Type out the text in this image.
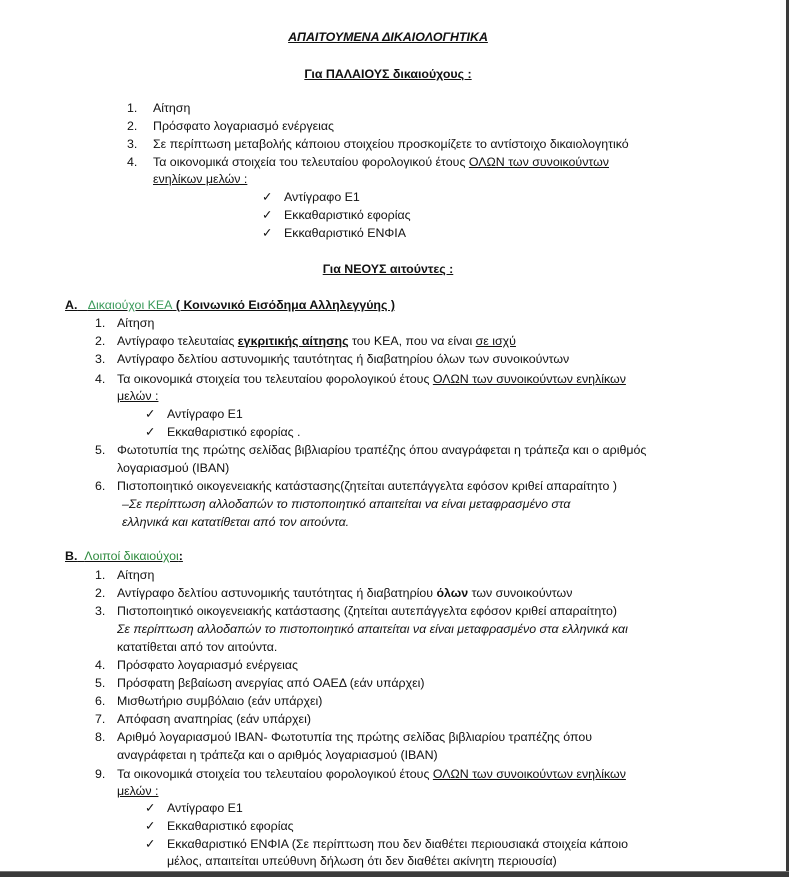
ΑΠΑΙΤΟΥΜΕΝΑ ΔΙΚΑΙΟΛΟΓΗΤΙΚΑ
Για ΠΑΛΑΙΟΥΣ δικαιούχους :
1.	Αίτηση
2.	Πρόσφατο λογαριασμό ενέργειας
3.	Σε περίπτωση μεταβολής κάποιου στοιχείου προσκομίζετε το αντίστοιχο δικαιολογητικό
4.	Τα οικονομικά στοιχεία του τελευταίου φορολογικού έτους ΟΛΩΝ των συνοικούντων
ενηλίκων μελών :
✓ Αντίγραφο Ε1
✓ Εκκαθαριστικό εφορίας
✓ Εκκαθαριστικό ΕΝΦΙΑ
Για ΝΕΟΥΣ αιτούντες :
Α. Δικαιούχοι ΚΕΑ ( Κοινωνικό Εισόδημα Αλληλεγγύης )
1. Αίτηση
2. Αντίγραφο τελευταίας εγκριτικής αίτησης του ΚΕΑ, που να είναι σε ισχύ
3. Αντίγραφο δελτίου αστυνομικής ταυτότητας ή διαβατηρίου όλων των συνοικούντων
4. Τα οικονομικά στοιχεία του τελευταίου φορολογικού έτους ΟΛΩΝ των συνοικούντων ενηλίκων
μελών :
✓ Αντίγραφο Ε1
✓ Εκκαθαριστικό εφορίας .
5. Φωτοτυπία της πρώτης σελίδας βιβλιαρίου τραπέζης όπου αναγράφεται η τράπεζα και ο αριθμός
λογαριασμού (IBAN)
6. Πιστοποιητικό οικογενειακής κατάστασης(ζητείται αυτεπάγγελτα εφόσον κριθεί απαραίτητο )
–Σε περίπτωση αλλοδαπών το πιστοποιητικό απαιτείται να είναι μεταφρασμένο στα
ελληνικά και κατατίθεται από τον αιτούντα.
Β. Λοιποί δικαιούχοι:
1. Αίτηση
2. Αντίγραφο δελτίου αστυνομικής ταυτότητας ή διαβατηρίου όλων των συνοικούντων
3. Πιστοποιητικό οικογενειακής κατάστασης (ζητείται αυτεπάγγελτα εφόσον κριθεί απαραίτητο)
Σε περίπτωση αλλοδαπών το πιστοποιητικό απαιτείται να είναι μεταφρασμένο στα ελληνικά και
κατατίθεται από τον αιτούντα.
4. Πρόσφατο λογαριασμό ενέργειας
5. Πρόσφατη βεβαίωση ανεργίας από ΟΑΕΔ (εάν υπάρχει)
6. Μισθωτήριο συμβόλαιο (εάν υπάρχει)
7. Απόφαση αναπηρίας (εάν υπάρχει)
8. Αριθμό λογαριασμού IBAN- Φωτοτυπία της πρώτης σελίδας βιβλιαρίου τραπέζης όπου
αναγράφεται η τράπεζα και ο αριθμός λογαριασμού (IBAN)
9. Τα οικονομικά στοιχεία του τελευταίου φορολογικού έτους ΟΛΩΝ των συνοικούντων ενηλίκων
μελών :
✓ Αντίγραφο Ε1
✓ Εκκαθαριστικό εφορίας
✓ Εκκαθαριστικό ΕΝΦΙΑ (Σε περίπτωση που δεν διαθέτει περιουσιακά στοιχεία κάποιο
μέλος, απαιτείται υπεύθυνη δήλωση ότι δεν διαθέτει ακίνητη περιουσία)
